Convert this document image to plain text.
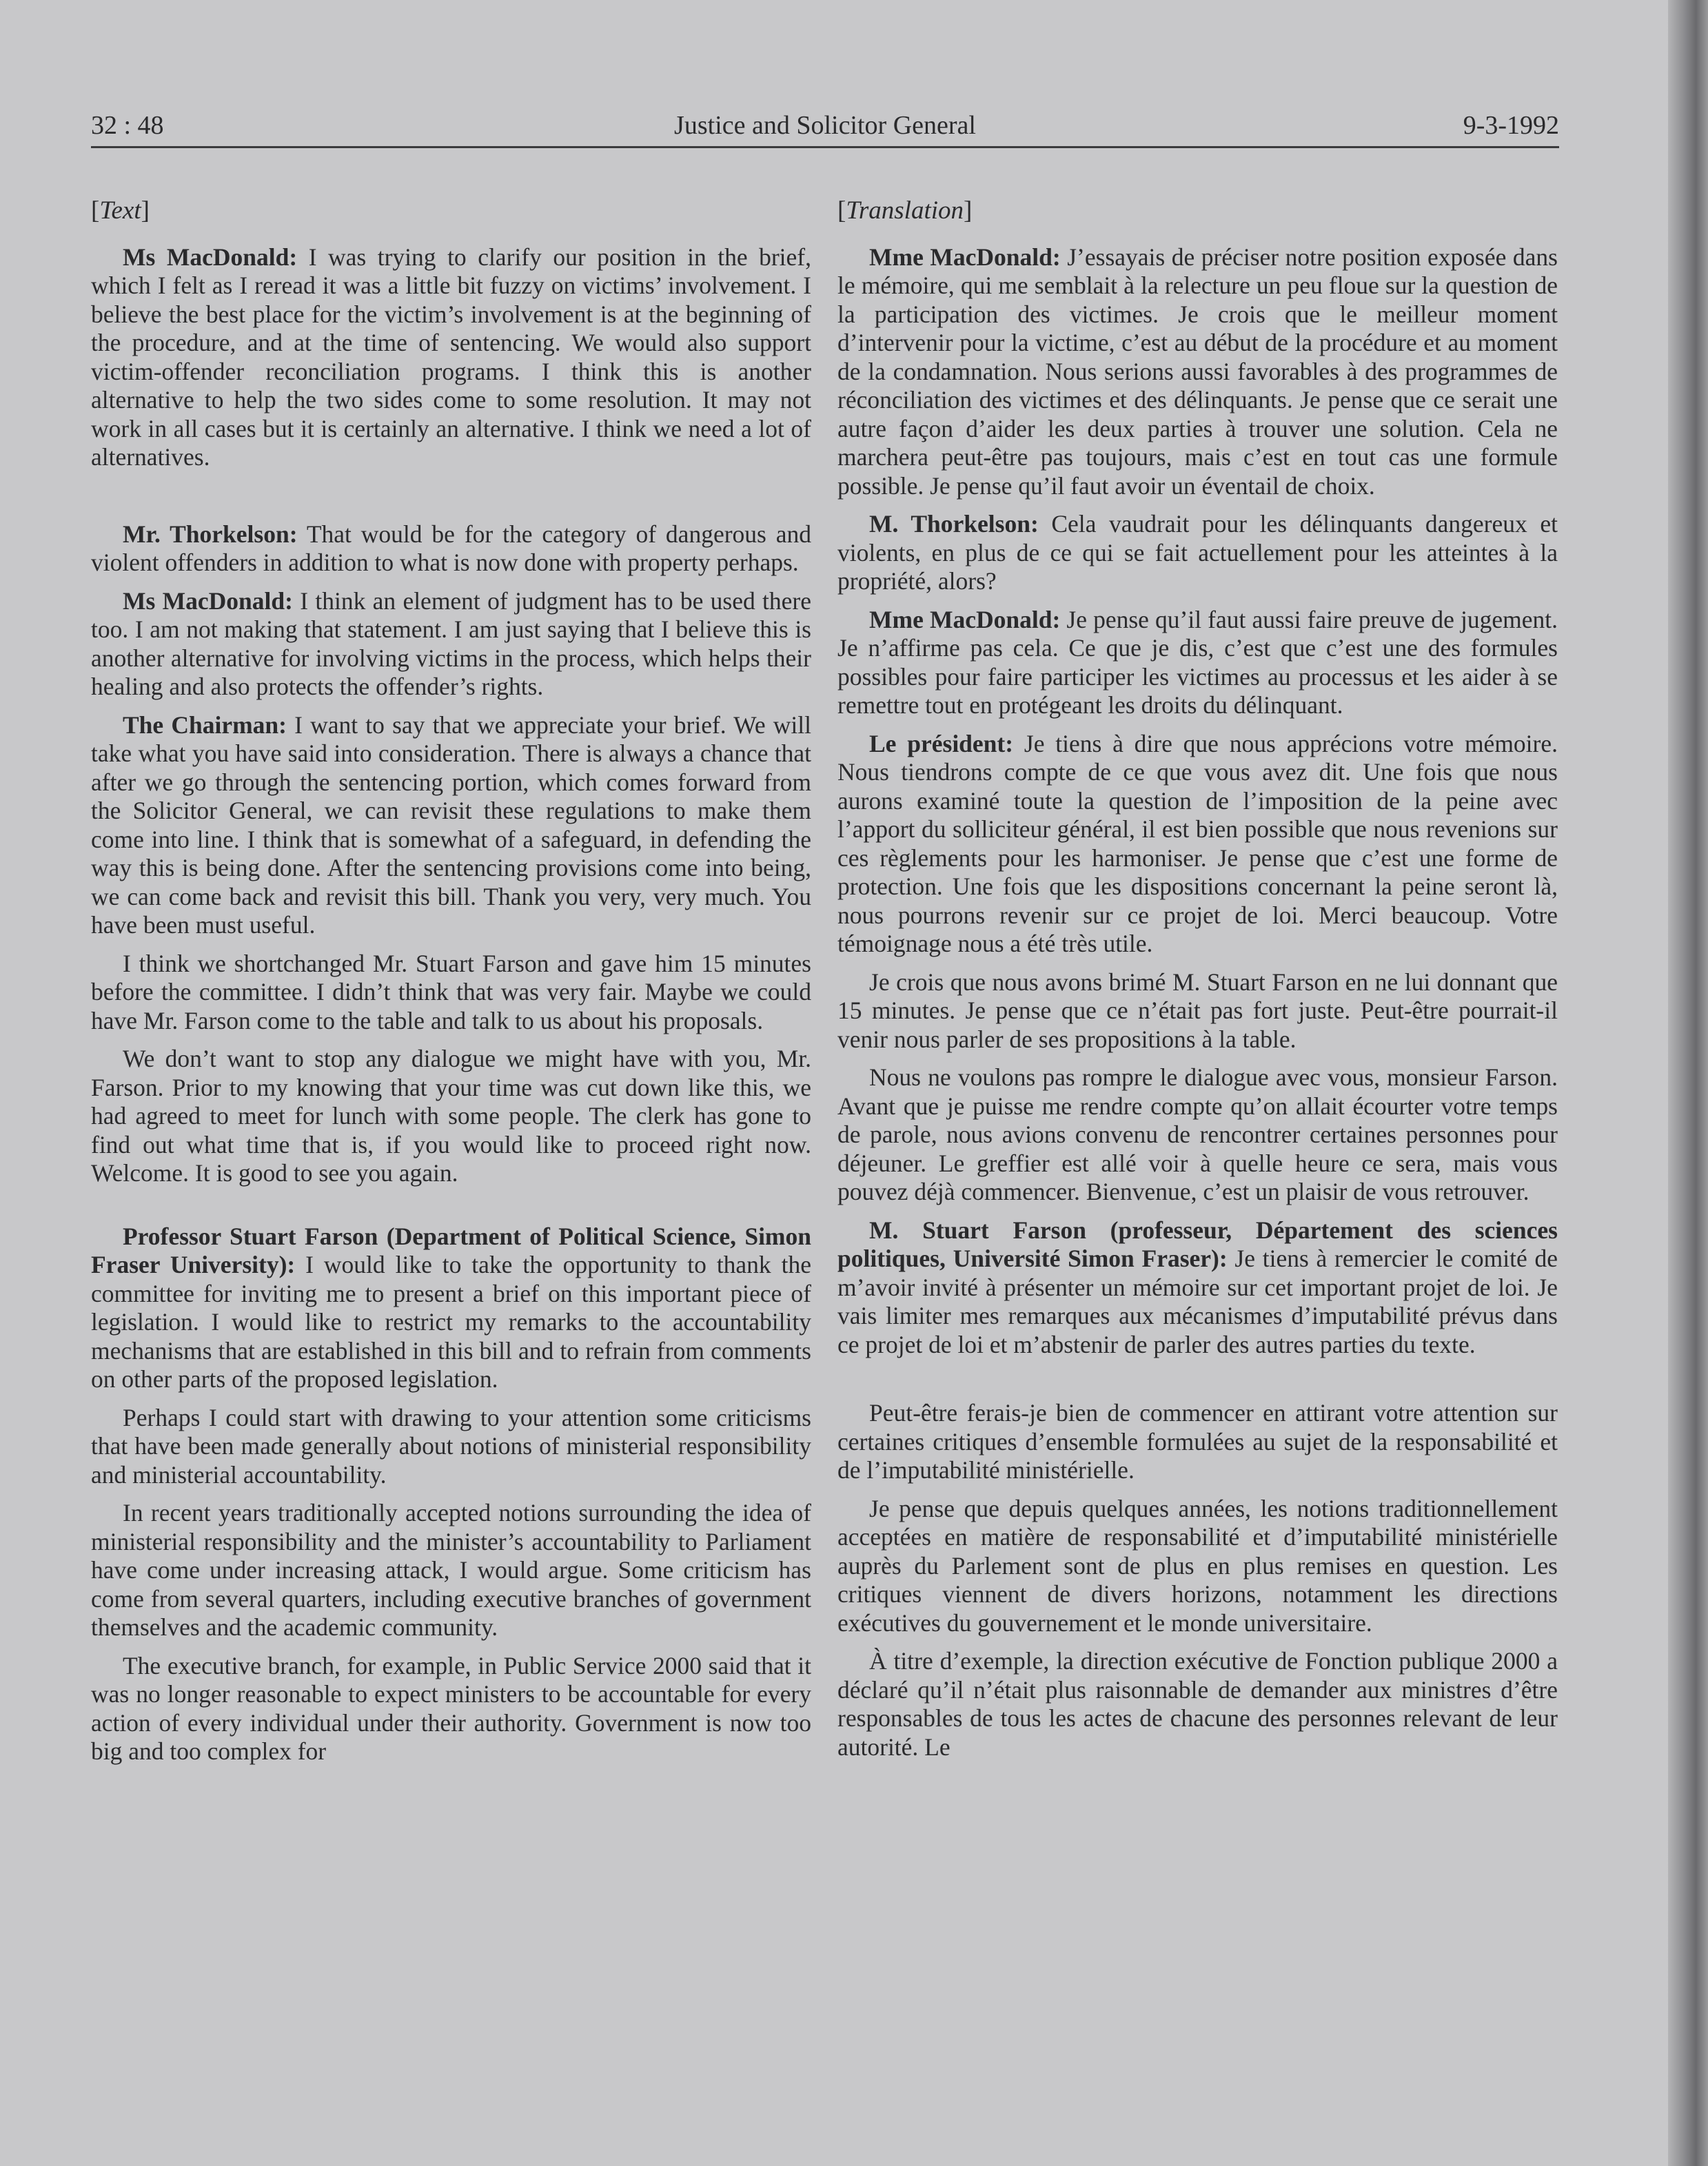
32 : 48	Justice and Solicitor General	9-3-1992

[Text]

Ms MacDonald: I was trying to clarify our position in the brief, which I felt as I reread it was a little bit fuzzy on victims’ involvement. I believe the best place for the victim’s involvement is at the beginning of the procedure, and at the time of sentencing. We would also support victim-offender reconciliation programs. I think this is another alternative to help the two sides come to some resolution. It may not work in all cases but it is certainly an alternative. I think we need a lot of alternatives.

Mr. Thorkelson: That would be for the category of dangerous and violent offenders in addition to what is now done with property perhaps.

Ms MacDonald: I think an element of judgment has to be used there too. I am not making that statement. I am just saying that I believe this is another alternative for involving victims in the process, which helps their healing and also protects the offender’s rights.

The Chairman: I want to say that we appreciate your brief. We will take what you have said into consideration. There is always a chance that after we go through the sentencing portion, which comes forward from the Solicitor General, we can revisit these regulations to make them come into line. I think that is somewhat of a safeguard, in defending the way this is being done. After the sentencing provisions come into being, we can come back and revisit this bill. Thank you very, very much. You have been must useful.

I think we shortchanged Mr. Stuart Farson and gave him 15 minutes before the committee. I didn’t think that was very fair. Maybe we could have Mr. Farson come to the table and talk to us about his proposals.

We don’t want to stop any dialogue we might have with you, Mr. Farson. Prior to my knowing that your time was cut down like this, we had agreed to meet for lunch with some people. The clerk has gone to find out what time that is, if you would like to proceed right now. Welcome. It is good to see you again.

Professor Stuart Farson (Department of Political Science, Simon Fraser University): I would like to take the opportunity to thank the committee for inviting me to present a brief on this important piece of legislation. I would like to restrict my remarks to the accountability mechanisms that are established in this bill and to refrain from comments on other parts of the proposed legislation.

Perhaps I could start with drawing to your attention some criticisms that have been made generally about notions of ministerial responsibility and ministerial accountability.

In recent years traditionally accepted notions surrounding the idea of ministerial responsibility and the minister’s accountability to Parliament have come under increasing attack, I would argue. Some criticism has come from several quarters, including executive branches of government themselves and the academic community.

The executive branch, for example, in Public Service 2000 said that it was no longer reasonable to expect ministers to be accountable for every action of every individual under their authority. Government is now too big and too complex for

[Translation]

Mme MacDonald: J’essayais de préciser notre position exposée dans le mémoire, qui me semblait à la relecture un peu floue sur la question de la participation des victimes. Je crois que le meilleur moment d’intervenir pour la victime, c’est au début de la procédure et au moment de la condamnation. Nous serions aussi favorables à des programmes de réconciliation des victimes et des délinquants. Je pense que ce serait une autre façon d’aider les deux parties à trouver une solution. Cela ne marchera peut-être pas toujours, mais c’est en tout cas une formule possible. Je pense qu’il faut avoir un éventail de choix.

M. Thorkelson: Cela vaudrait pour les délinquants dangereux et violents, en plus de ce qui se fait actuellement pour les atteintes à la propriété, alors?

Mme MacDonald: Je pense qu’il faut aussi faire preuve de jugement. Je n’affirme pas cela. Ce que je dis, c’est que c’est une des formules possibles pour faire participer les victimes au processus et les aider à se remettre tout en protégeant les droits du délinquant.

Le président: Je tiens à dire que nous apprécions votre mémoire. Nous tiendrons compte de ce que vous avez dit. Une fois que nous aurons examiné toute la question de l’imposition de la peine avec l’apport du solliciteur général, il est bien possible que nous revenions sur ces règlements pour les harmoniser. Je pense que c’est une forme de protection. Une fois que les dispositions concernant la peine seront là, nous pourrons revenir sur ce projet de loi. Merci beaucoup. Votre témoignage nous a été très utile.

Je crois que nous avons brimé M. Stuart Farson en ne lui donnant que 15 minutes. Je pense que ce n’était pas fort juste. Peut-être pourrait-il venir nous parler de ses propositions à la table.

Nous ne voulons pas rompre le dialogue avec vous, monsieur Farson. Avant que je puisse me rendre compte qu’on allait écourter votre temps de parole, nous avions convenu de rencontrer certaines personnes pour déjeuner. Le greffier est allé voir à quelle heure ce sera, mais vous pouvez déjà commencer. Bienvenue, c’est un plaisir de vous retrouver.

M. Stuart Farson (professeur, Département des sciences politiques, Université Simon Fraser): Je tiens à remercier le comité de m’avoir invité à présenter un mémoire sur cet important projet de loi. Je vais limiter mes remarques aux mécanismes d’imputabilité prévus dans ce projet de loi et m’abstenir de parler des autres parties du texte.

Peut-être ferais-je bien de commencer en attirant votre attention sur certaines critiques d’ensemble formulées au sujet de la responsabilité et de l’imputabilité ministérielle.

Je pense que depuis quelques années, les notions traditionnellement acceptées en matière de responsabilité et d’imputabilité ministérielle auprès du Parlement sont de plus en plus remises en question. Les critiques viennent de divers horizons, notamment les directions exécutives du gouvernement et le monde universitaire.

À titre d’exemple, la direction exécutive de Fonction publique 2000 a déclaré qu’il n’était plus raisonnable de demander aux ministres d’être responsables de tous les actes de chacune des personnes relevant de leur autorité. Le
